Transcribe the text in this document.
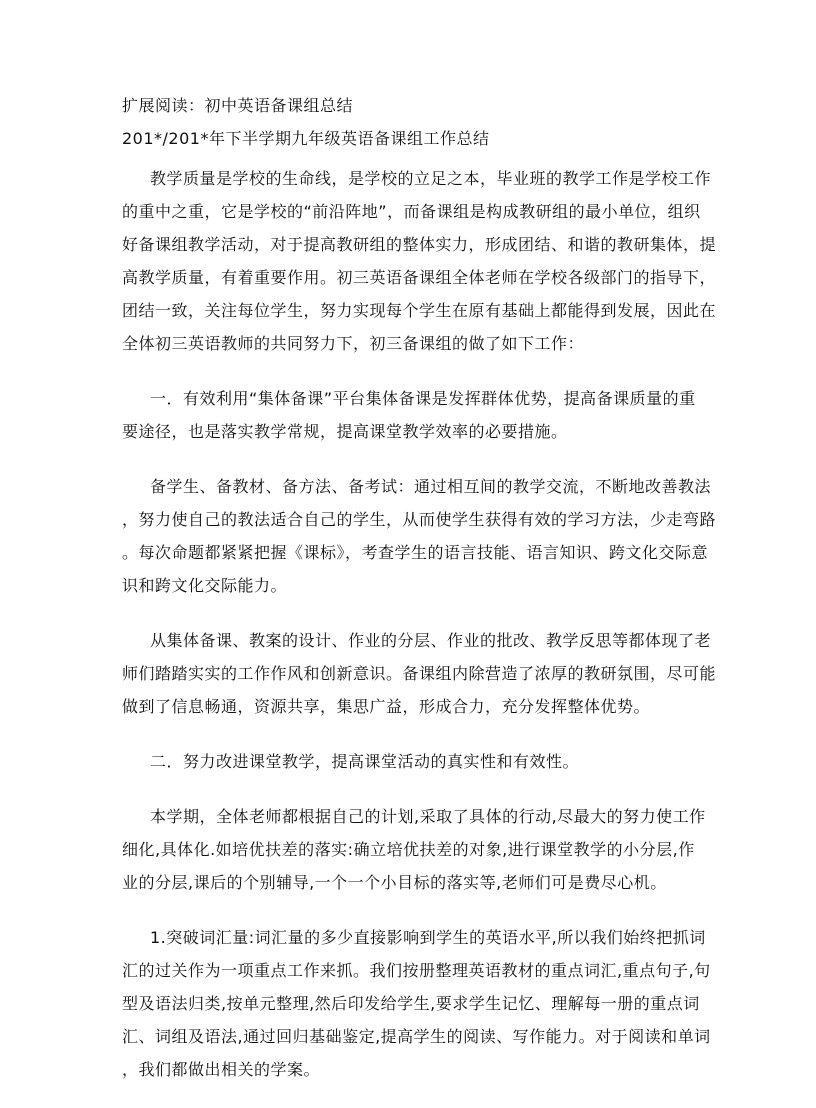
扩展阅读：初中英语备课组总结

201*/201*年下半学期九年级英语备课组工作总结

教学质量是学校的生命线，是学校的立足之本，毕业班的教学工作是学校工作

的重中之重，它是学校的“前沿阵地”，而备课组是构成教研组的最小单位，组织

好备课组教学活动，对于提高教研组的整体实力，形成团结、和谐的教研集体，提

高教学质量，有着重要作用。初三英语备课组全体老师在学校各级部门的指导下，

团结一致，关注每位学生，努力实现每个学生在原有基础上都能得到发展，因此在

全体初三英语教师的共同努力下，初三备课组的做了如下工作：

一．有效利用“集体备课”平台集体备课是发挥群体优势，提高备课质量的重

要途径，也是落实教学常规，提高课堂教学效率的必要措施。

备学生、备教材、备方法、备考试：通过相互间的教学交流，不断地改善教法

，努力使自己的教法适合自己的学生，从而使学生获得有效的学习方法，少走弯路

。每次命题都紧紧把握《课标》，考查学生的语言技能、语言知识、跨文化交际意

识和跨文化交际能力。

从集体备课、教案的设计、作业的分层、作业的批改、教学反思等都体现了老

师们踏踏实实的工作作风和创新意识。备课组内除营造了浓厚的教研氛围，尽可能

做到了信息畅通，资源共享，集思广益，形成合力，充分发挥整体优势。

二．努力改进课堂教学，提高课堂活动的真实性和有效性。

本学期，全体老师都根据自己的计划,采取了具体的行动,尽最大的努力使工作

细化,具体化.如培优扶差的落实:确立培优扶差的对象,进行课堂教学的小分层,作

业的分层,课后的个别辅导,一个一个小目标的落实等,老师们可是费尽心机。

1.突破词汇量:词汇量的多少直接影响到学生的英语水平,所以我们始终把抓词

汇的过关作为一项重点工作来抓。我们按册整理英语教材的重点词汇,重点句子,句

型及语法归类,按单元整理,然后印发给学生,要求学生记忆、理解每一册的重点词

汇、词组及语法,通过回归基础鉴定,提高学生的阅读、写作能力。对于阅读和单词

，我们都做出相关的学案。
